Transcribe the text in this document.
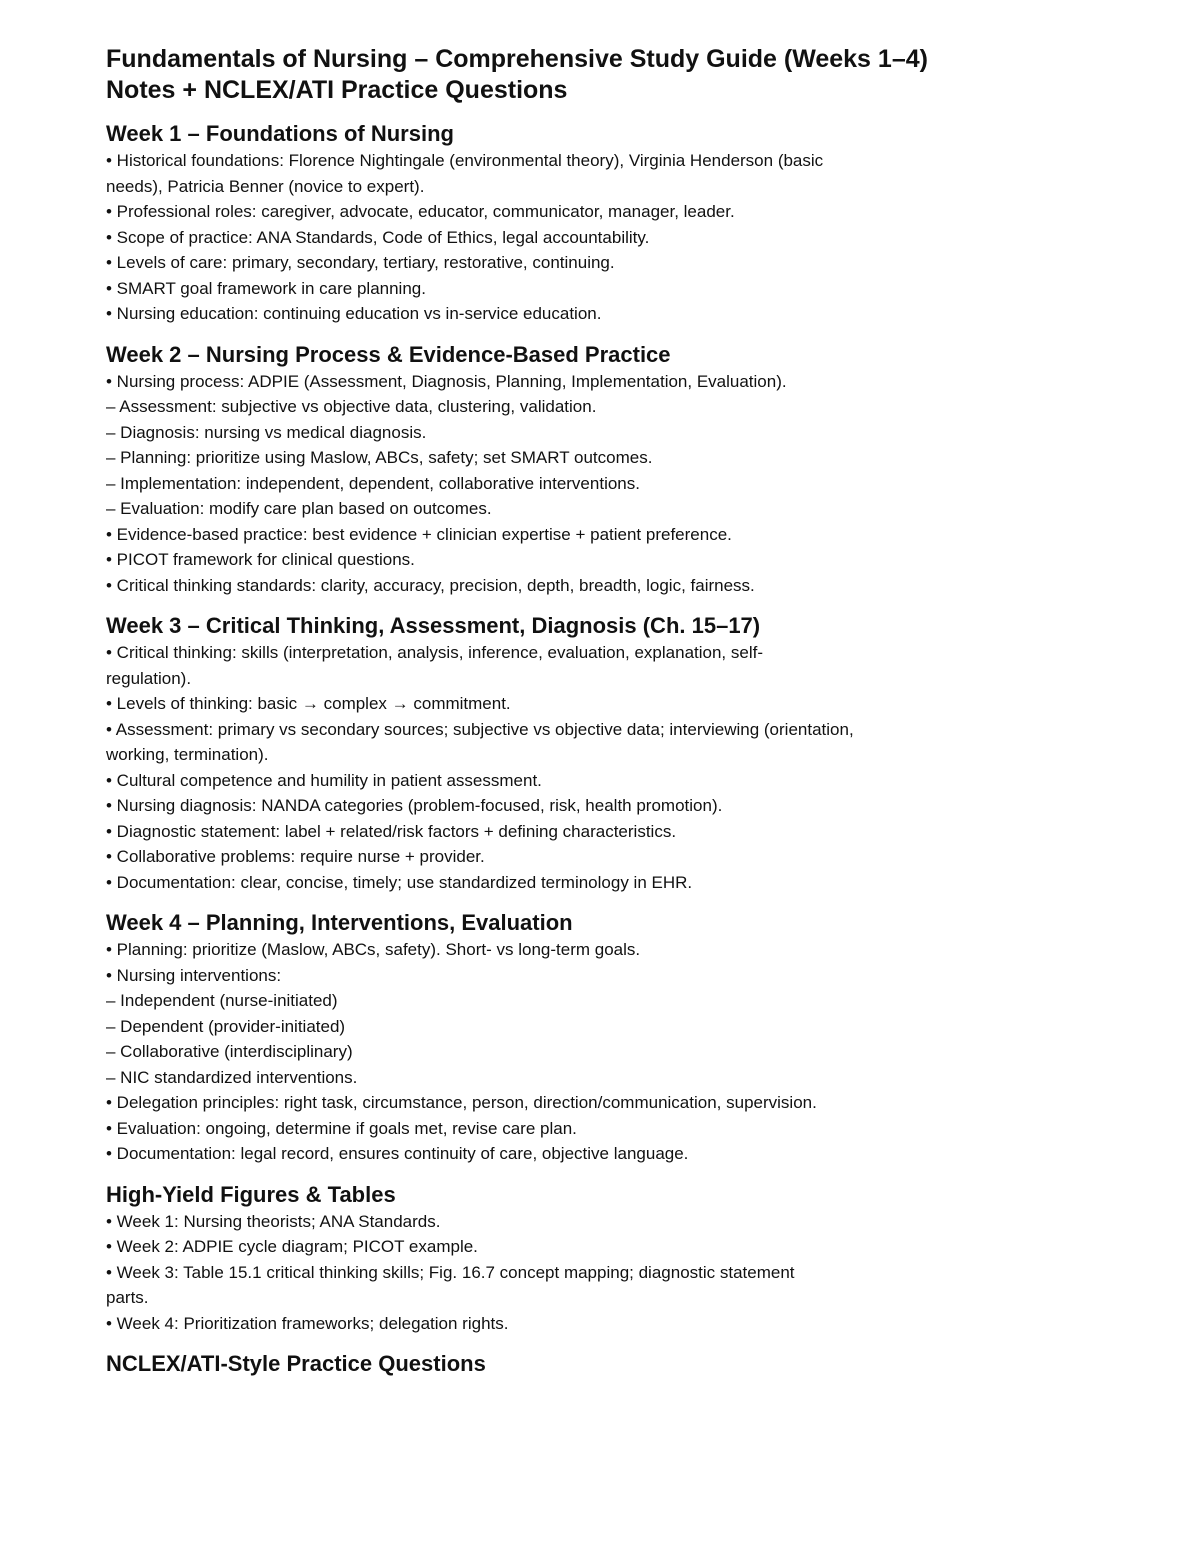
Fundamentals of Nursing – Comprehensive Study Guide (Weeks 1–4)
Notes + NCLEX/ATI Practice Questions
Week 1 – Foundations of Nursing
• Historical foundations: Florence Nightingale (environmental theory), Virginia Henderson (basic
needs), Patricia Benner (novice to expert).
• Professional roles: caregiver, advocate, educator, communicator, manager, leader.
• Scope of practice: ANA Standards, Code of Ethics, legal accountability.
• Levels of care: primary, secondary, tertiary, restorative, continuing.
• SMART goal framework in care planning.
• Nursing education: continuing education vs in-service education.
Week 2 – Nursing Process & Evidence-Based Practice
• Nursing process: ADPIE (Assessment, Diagnosis, Planning, Implementation, Evaluation).
– Assessment: subjective vs objective data, clustering, validation.
– Diagnosis: nursing vs medical diagnosis.
– Planning: prioritize using Maslow, ABCs, safety; set SMART outcomes.
– Implementation: independent, dependent, collaborative interventions.
– Evaluation: modify care plan based on outcomes.
• Evidence-based practice: best evidence + clinician expertise + patient preference.
• PICOT framework for clinical questions.
• Critical thinking standards: clarity, accuracy, precision, depth, breadth, logic, fairness.
Week 3 – Critical Thinking, Assessment, Diagnosis (Ch. 15–17)
• Critical thinking: skills (interpretation, analysis, inference, evaluation, explanation, self-
regulation).
• Levels of thinking: basic → complex → commitment.
• Assessment: primary vs secondary sources; subjective vs objective data; interviewing (orientation,
working, termination).
• Cultural competence and humility in patient assessment.
• Nursing diagnosis: NANDA categories (problem-focused, risk, health promotion).
• Diagnostic statement: label + related/risk factors + defining characteristics.
• Collaborative problems: require nurse + provider.
• Documentation: clear, concise, timely; use standardized terminology in EHR.
Week 4 – Planning, Interventions, Evaluation
• Planning: prioritize (Maslow, ABCs, safety). Short- vs long-term goals.
• Nursing interventions:
– Independent (nurse-initiated)
– Dependent (provider-initiated)
– Collaborative (interdisciplinary)
– NIC standardized interventions.
• Delegation principles: right task, circumstance, person, direction/communication, supervision.
• Evaluation: ongoing, determine if goals met, revise care plan.
• Documentation: legal record, ensures continuity of care, objective language.
High-Yield Figures & Tables
• Week 1: Nursing theorists; ANA Standards.
• Week 2: ADPIE cycle diagram; PICOT example.
• Week 3: Table 15.1 critical thinking skills; Fig. 16.7 concept mapping; diagnostic statement
parts.
• Week 4: Prioritization frameworks; delegation rights.
NCLEX/ATI-Style Practice Questions
